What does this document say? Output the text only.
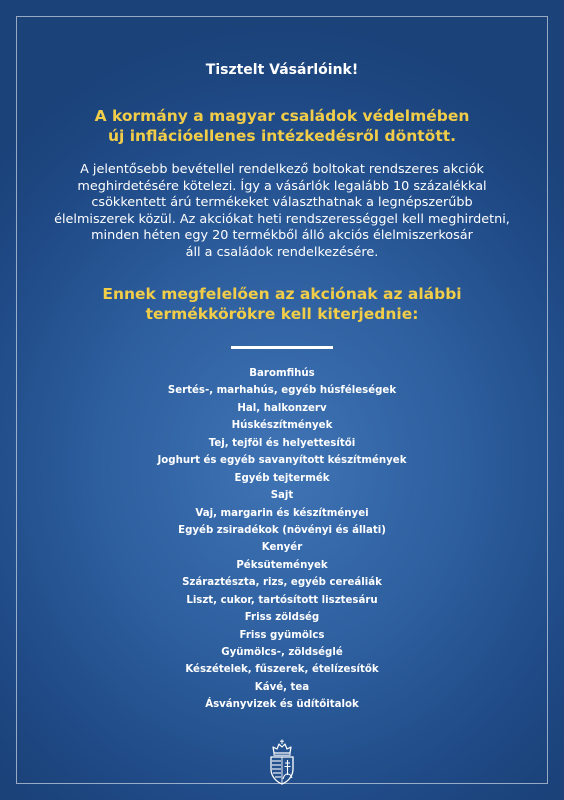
Tisztelt Vásárlóink!
A kormány a magyar családok védelmében
új inflációellenes intézkedésről döntött.
A jelentősebb bevétellel rendelkező boltokat rendszeres akciók
meghirdetésére kötelezi. Így a vásárlók legalább 10 százalékkal
csökkentett árú termékeket választhatnak a legnépszerűbb
élelmiszerek közül. Az akciókat heti rendszerességgel kell meghirdetni,
minden héten egy 20 termékből álló akciós élelmiszerkosár
áll a családok rendelkezésére.
Ennek megfelelően az akciónak az alábbi
termékkörökre kell kiterjednie:
Baromfihús
Sertés-, marhahús, egyéb húsféleségek
Hal, halkonzerv
Húskészítmények
Tej, tejföl és helyettesítői
Joghurt és egyéb savanyított készítmények
Egyéb tejtermék
Sajt
Vaj, margarin és készítményei
Egyéb zsiradékok (növényi és állati)
Kenyér
Péksütemények
Száraztészta, rizs, egyéb cereáliák
Liszt, cukor, tartósított lisztesáru
Friss zöldség
Friss gyümölcs
Gyümölcs-, zöldséglé
Készételek, fűszerek, ételízesítők
Kávé, tea
Ásványvizek és üdítőitalok
